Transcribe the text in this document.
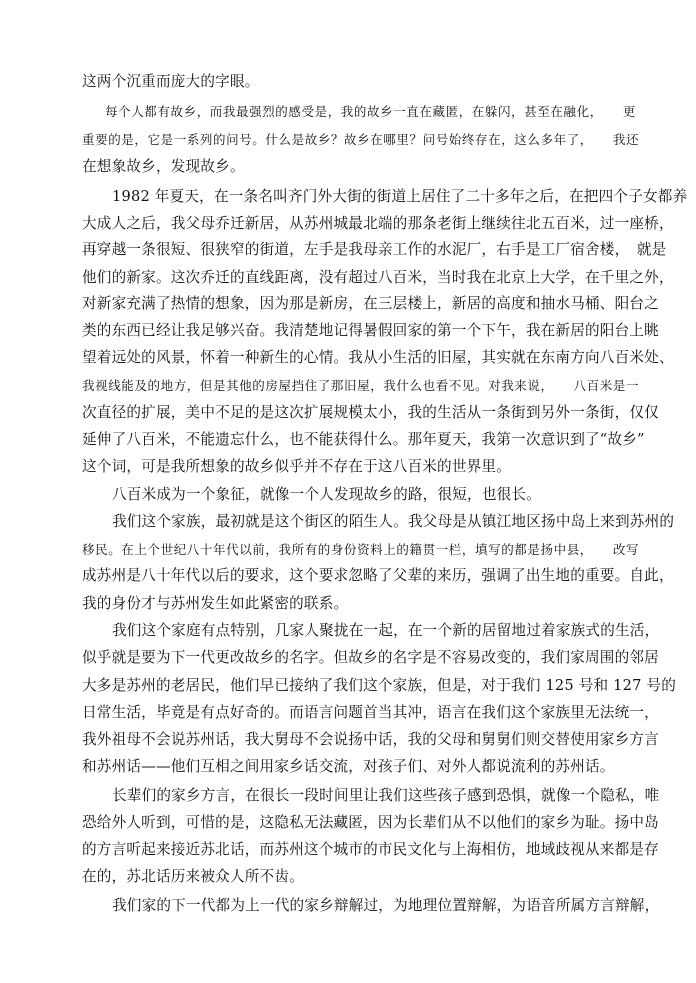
这两个沉重而庞大的字眼。
每个人都有故乡，而我最强烈的感受是，我的故乡一直在藏匿，在躲闪，甚至在融化，　　更
重要的是，它是一系列的问号。什么是故乡？故乡在哪里？问号始终存在，这么多年了，　　我还
在想象故乡，发现故乡。
1982 年夏天，在一条名叫齐门外大街的街道上居住了二十多年之后，在把四个子女都养
大成人之后，我父母乔迁新居，从苏州城最北端的那条老街上继续往北五百米，过一座桥，
再穿越一条很短、很狭窄的街道，左手是我母亲工作的水泥厂，右手是工厂宿舍楼，　就是
他们的新家。这次乔迁的直线距离，没有超过八百米，当时我在北京上大学，在千里之外，
对新家充满了热情的想象，因为那是新房，在三层楼上，新居的高度和抽水马桶、阳台之
类的东西已经让我足够兴奋。我清楚地记得暑假回家的第一个下午，我在新居的阳台上眺
望着远处的风景，怀着一种新生的心情。我从小生活的旧屋，其实就在东南方向八百米处、
我视线能及的地方，但是其他的房屋挡住了那旧屋，我什么也看不见。对我来说，　　八百米是一
次直径的扩展，美中不足的是这次扩展规模太小，我的生活从一条街到另外一条街，仅仅
延伸了八百米，不能遗忘什么，也不能获得什么。那年夏天，我第一次意识到了“故乡”
这个词，可是我所想象的故乡似乎并不存在于这八百米的世界里。
八百米成为一个象征，就像一个人发现故乡的路，很短，也很长。
我们这个家族，最初就是这个街区的陌生人。我父母是从镇江地区扬中岛上来到苏州的
移民。在上个世纪八十年代以前，我所有的身份资料上的籍贯一栏，填写的都是扬中县，　　改写
成苏州是八十年代以后的要求，这个要求忽略了父辈的来历，强调了出生地的重要。自此，
我的身份才与苏州发生如此紧密的联系。
我们这个家庭有点特别，几家人聚拢在一起，在一个新的居留地过着家族式的生活，
似乎就是要为下一代更改故乡的名字。但故乡的名字是不容易改变的，我们家周围的邻居
大多是苏州的老居民，他们早已接纳了我们这个家族，但是，对于我们 125 号和 127 号的
日常生活，毕竟是有点好奇的。而语言问题首当其冲，语言在我们这个家族里无法统一，
我外祖母不会说苏州话，我大舅母不会说扬中话，我的父母和舅舅们则交替使用家乡方言
和苏州话——他们互相之间用家乡话交流，对孩子们、对外人都说流利的苏州话。
长辈们的家乡方言，在很长一段时间里让我们这些孩子感到恐惧，就像一个隐私，唯
恐给外人听到，可惜的是，这隐私无法藏匿，因为长辈们从不以他们的家乡为耻。扬中岛
的方言听起来接近苏北话，而苏州这个城市的市民文化与上海相仿，地域歧视从来都是存
在的，苏北话历来被众人所不齿。
我们家的下一代都为上一代的家乡辩解过，为地理位置辩解，为语音所属方言辩解，
